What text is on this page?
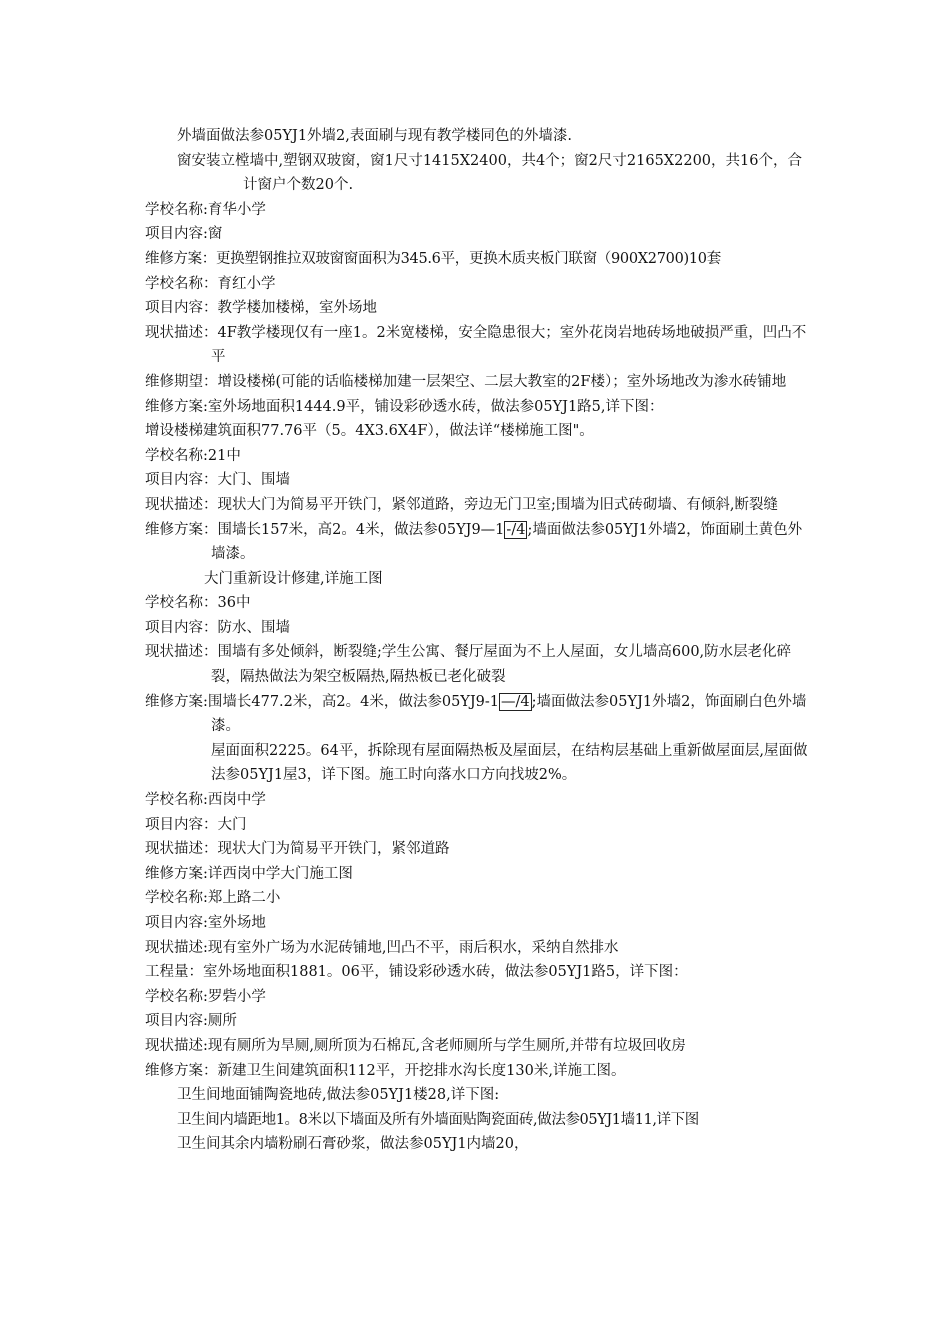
外墙面做法参05YJ1外墙2,表面刷与现有教学楼同色的外墙漆.

窗安装立樘墙中,塑钢双玻窗，窗1尺寸1415X2400，共4个；窗2尺寸2165X2200，共16个，合计窗户个数20个.

学校名称:育华小学

项目内容:窗

维修方案：更换塑钢推拉双玻窗窗面积为345.6平，更换木质夹板门联窗（900X2700)10套

学校名称：育红小学

项目内容：教学楼加楼梯，室外场地

现状描述：4F教学楼现仅有一座1。2米宽楼梯，安全隐患很大；室外花岗岩地砖场地破损严重，凹凸不平

维修期望：增设楼梯(可能的话临楼梯加建一层架空、二层大教室的2F楼）；室外场地改为渗水砖铺地

维修方案:室外场地面积1444.9平，铺设彩砂透水砖，做法参05YJ1路5,详下图：

增设楼梯建筑面积77.76平（5。4X3.6X4F），做法详“楼梯施工图"。

学校名称:21中

项目内容：大门、围墙

现状描述：现状大门为简易平开铁门，紧邻道路，旁边无门卫室;围墙为旧式砖砌墙、有倾斜,断裂缝

维修方案：围墙长157米，高2。4米，做法参05YJ9—1 -/4 ;墙面做法参05YJ1外墙2，饰面刷土黄色外墙漆。

大门重新设计修建,详施工图

学校名称：36中

项目内容：防水、围墙

现状描述：围墙有多处倾斜，断裂缝;学生公寓、餐厅屋面为不上人屋面，女儿墙高600,防水层老化碎裂，隔热做法为架空板隔热,隔热板已老化破裂

维修方案:围墙长477.2米，高2。4米，做法参05YJ9-1 —/4 ;墙面做法参05YJ1外墙2，饰面刷白色外墙漆。

屋面面积2225。64平，拆除现有屋面隔热板及屋面层，在结构层基础上重新做屋面层,屋面做法参05YJ1屋3，详下图。施工时向落水口方向找坡2%。

学校名称:西岗中学

项目内容：大门

现状描述：现状大门为简易平开铁门，紧邻道路

维修方案:详西岗中学大门施工图

学校名称:郑上路二小

项目内容:室外场地

现状描述:现有室外广场为水泥砖铺地,凹凸不平，雨后积水，采纳自然排水

工程量：室外场地面积1881。06平，铺设彩砂透水砖，做法参05YJ1路5，详下图：

学校名称:罗砦小学

项目内容:厕所

现状描述:现有厕所为旱厕,厕所顶为石棉瓦,含老师厕所与学生厕所,并带有垃圾回收房

维修方案：新建卫生间建筑面积112平，开挖排水沟长度130米,详施工图。

卫生间地面铺陶瓷地砖,做法参05YJ1楼28,详下图:

卫生间内墙距地1。8米以下墙面及所有外墙面贴陶瓷面砖,做法参05YJ1墙11,详下图

卫生间其余内墙粉刷石膏砂浆，做法参05YJ1内墙20，
